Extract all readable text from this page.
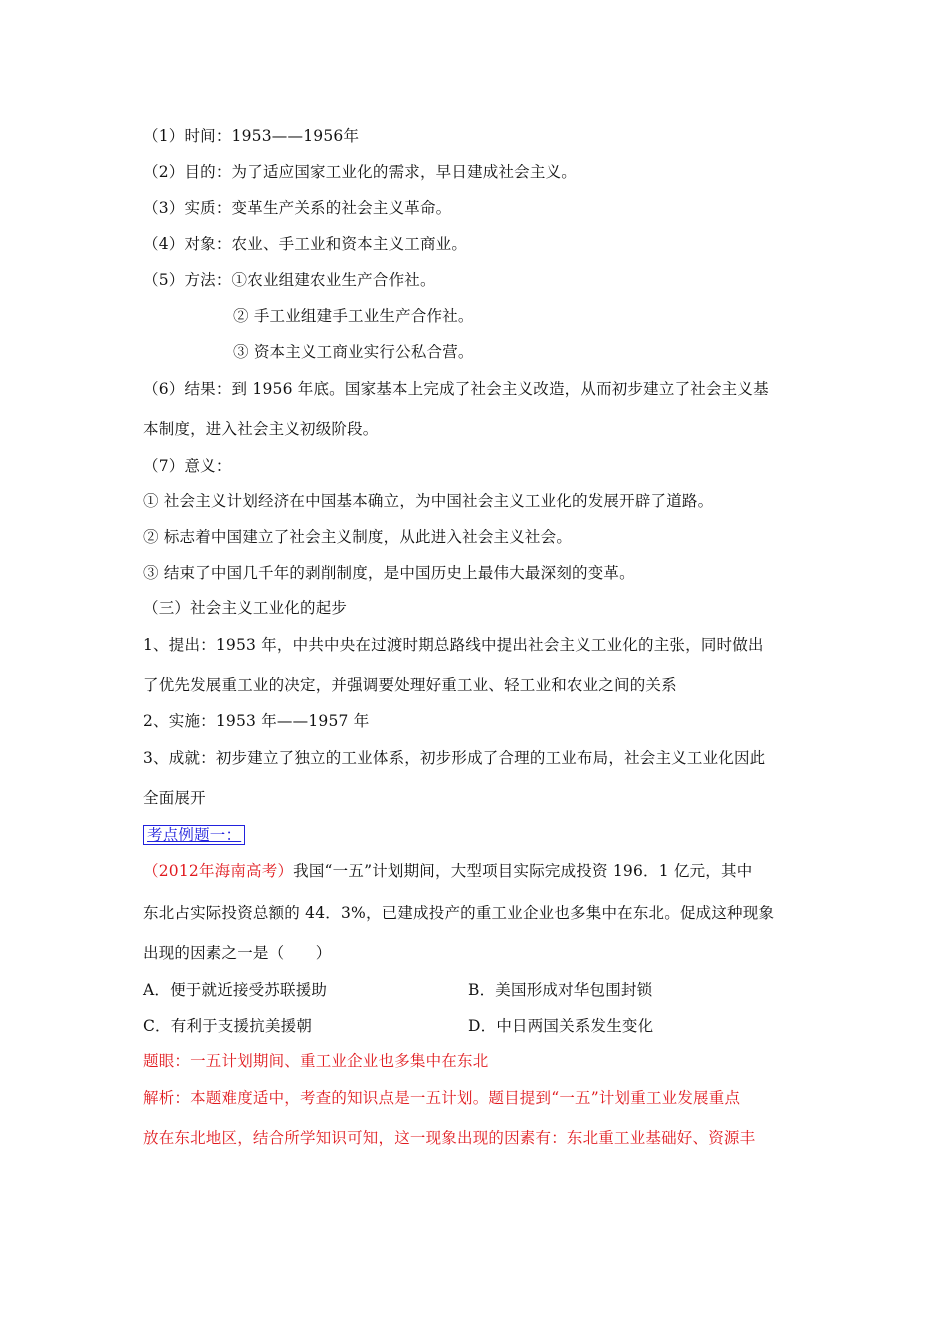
（1）时间：1953——1956年
（2）目的：为了适应国家工业化的需求，早日建成社会主义。
（3）实质：变革生产关系的社会主义革命。
（4）对象：农业、手工业和资本主义工商业。
（5）方法：①农业组建农业生产合作社。
② 手工业组建手工业生产合作社。
③ 资本主义工商业实行公私合营。
（6）结果：到 1956 年底。国家基本上完成了社会主义改造，从而初步建立了社会主义基
本制度，进入社会主义初级阶段。
（7）意义：
① 社会主义计划经济在中国基本确立，为中国社会主义工业化的发展开辟了道路。
② 标志着中国建立了社会主义制度，从此进入社会主义社会。
③ 结束了中国几千年的剥削制度，是中国历史上最伟大最深刻的变革。
（三）社会主义工业化的起步
1、提出：1953 年，中共中央在过渡时期总路线中提出社会主义工业化的主张，同时做出
了优先发展重工业的决定，并强调要处理好重工业、轻工业和农业之间的关系
2、实施：1953 年——1957 年
3、成就：初步建立了独立的工业体系，初步形成了合理的工业布局，社会主义工业化因此
全面展开
考点例题一：
（2012年海南高考）我国“一五”计划期间，大型项目实际完成投资 196．1 亿元，其中
东北占实际投资总额的 44．3%，已建成投产的重工业企业也多集中在东北。促成这种现象
出现的因素之一是（　　）
A．便于就近接受苏联援助	B．美国形成对华包围封锁
C．有利于支援抗美援朝	D．中日两国关系发生变化
题眼：一五计划期间、重工业企业也多集中在东北
解析：本题难度适中，考查的知识点是一五计划。题目提到“一五”计划重工业发展重点
放在东北地区，结合所学知识可知，这一现象出现的因素有：东北重工业基础好、资源丰
